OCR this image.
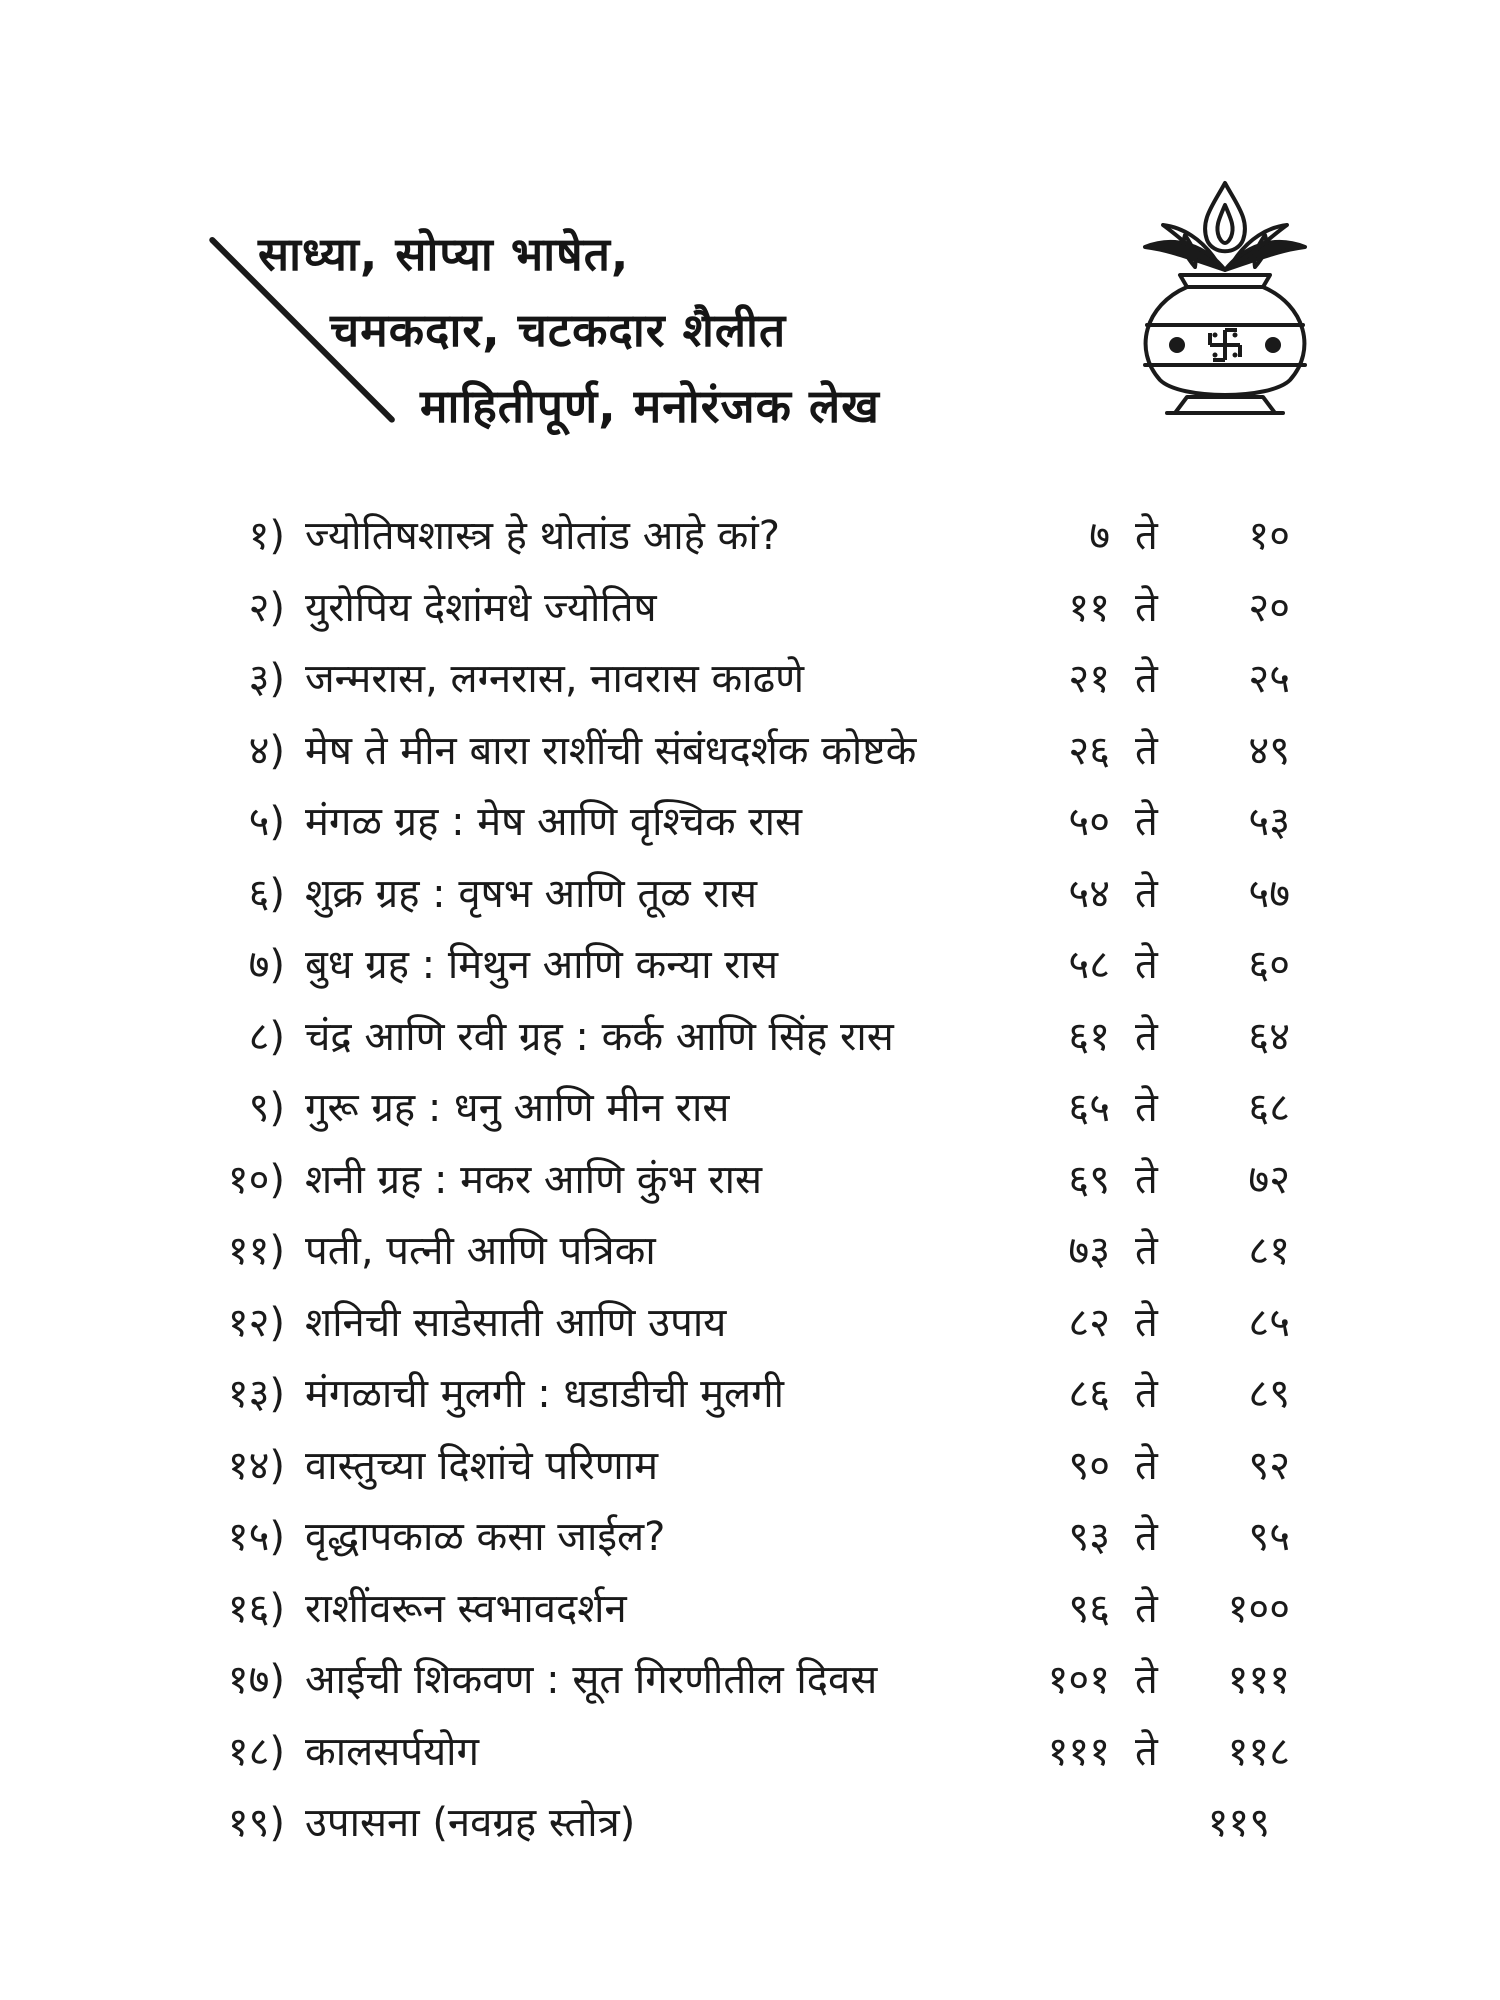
साध्या, सोप्या भाषेत,
चमकदार, चटकदार शैलीत
माहितीपूर्ण, मनोरंजक लेख
१) ज्योतिषशास्त्र हे थोतांड आहे कां?	७ ते १०
२) युरोपिय देशांमधे ज्योतिष	११ ते २०
३) जन्मरास, लग्नरास, नावरास काढणे	२१ ते २५
४) मेष ते मीन बारा राशींची संबंधदर्शक कोष्टके	२६ ते ४९
५) मंगळ ग्रह : मेष आणि वृश्चिक रास	५० ते ५३
६) शुक्र ग्रह : वृषभ आणि तूळ रास	५४ ते ५७
७) बुध ग्रह : मिथुन आणि कन्या रास	५८ ते ६०
८) चंद्र आणि रवी ग्रह : कर्क आणि सिंह रास	६१ ते ६४
९) गुरू ग्रह : धनु आणि मीन रास	६५ ते ६८
१०) शनी ग्रह : मकर आणि कुंभ रास	६९ ते ७२
११) पती, पत्नी आणि पत्रिका	७३ ते ८१
१२) शनिची साडेसाती आणि उपाय	८२ ते ८५
१३) मंगळाची मुलगी : धडाडीची मुलगी	८६ ते ८९
१४) वास्तुच्या दिशांचे परिणाम	९० ते ९२
१५) वृद्धापकाळ कसा जाईल?	९३ ते ९५
१६) राशींवरून स्वभावदर्शन	९६ ते १००
१७) आईची शिकवण : सूत गिरणीतील दिवस	१०१ ते १११
१८) कालसर्पयोग	१११ ते ११८
१९) उपासना (नवग्रह स्तोत्र)	११९
